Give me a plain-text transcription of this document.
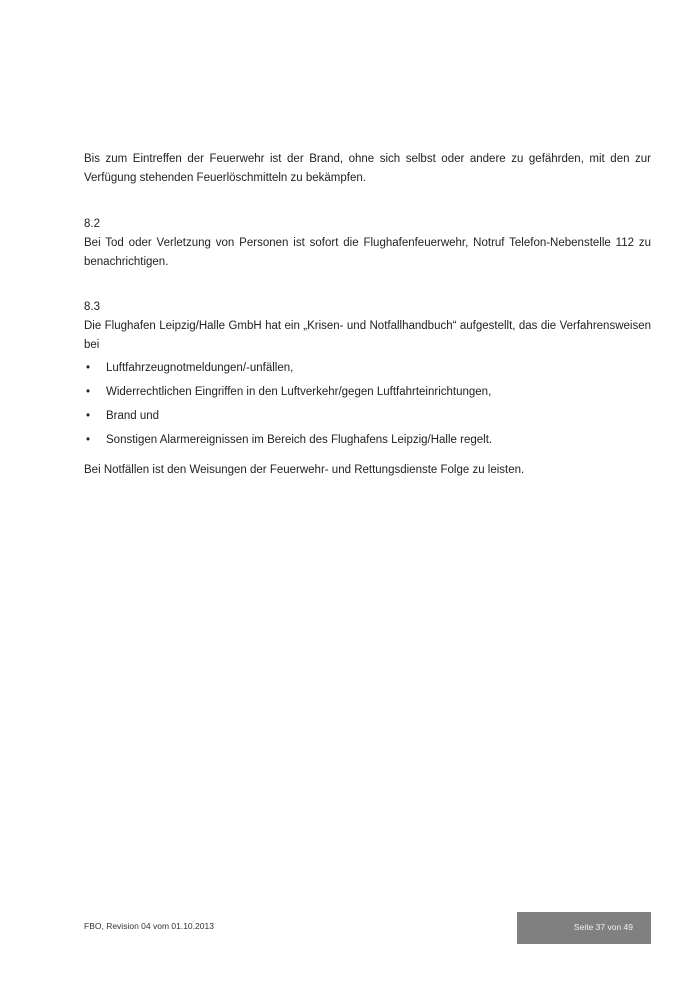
Bis zum Eintreffen der Feuerwehr ist der Brand, ohne sich selbst oder andere zu gefährden, mit den zur Verfügung stehenden Feuerlöschmitteln zu bekämpfen.

8.2

Bei Tod oder Verletzung von Personen ist sofort die Flughafenfeuerwehr, Notruf Telefon-Nebenstelle 112 zu benachrichtigen.

8.3

Die Flughafen Leipzig/Halle GmbH hat ein „Krisen- und Notfallhandbuch“ aufgestellt, das die Verfahrensweisen bei

• Luftfahrzeugnotmeldungen/-unfällen,
• Widerrechtlichen Eingriffen in den Luftverkehr/gegen Luftfahrteinrichtungen,
• Brand und
• Sonstigen Alarmereignissen im Bereich des Flughafens Leipzig/Halle regelt.

Bei Notfällen ist den Weisungen der Feuerwehr- und Rettungsdienste Folge zu leisten.

FBO, Revision 04 vom 01.10.2013	Seite 37 von 49
